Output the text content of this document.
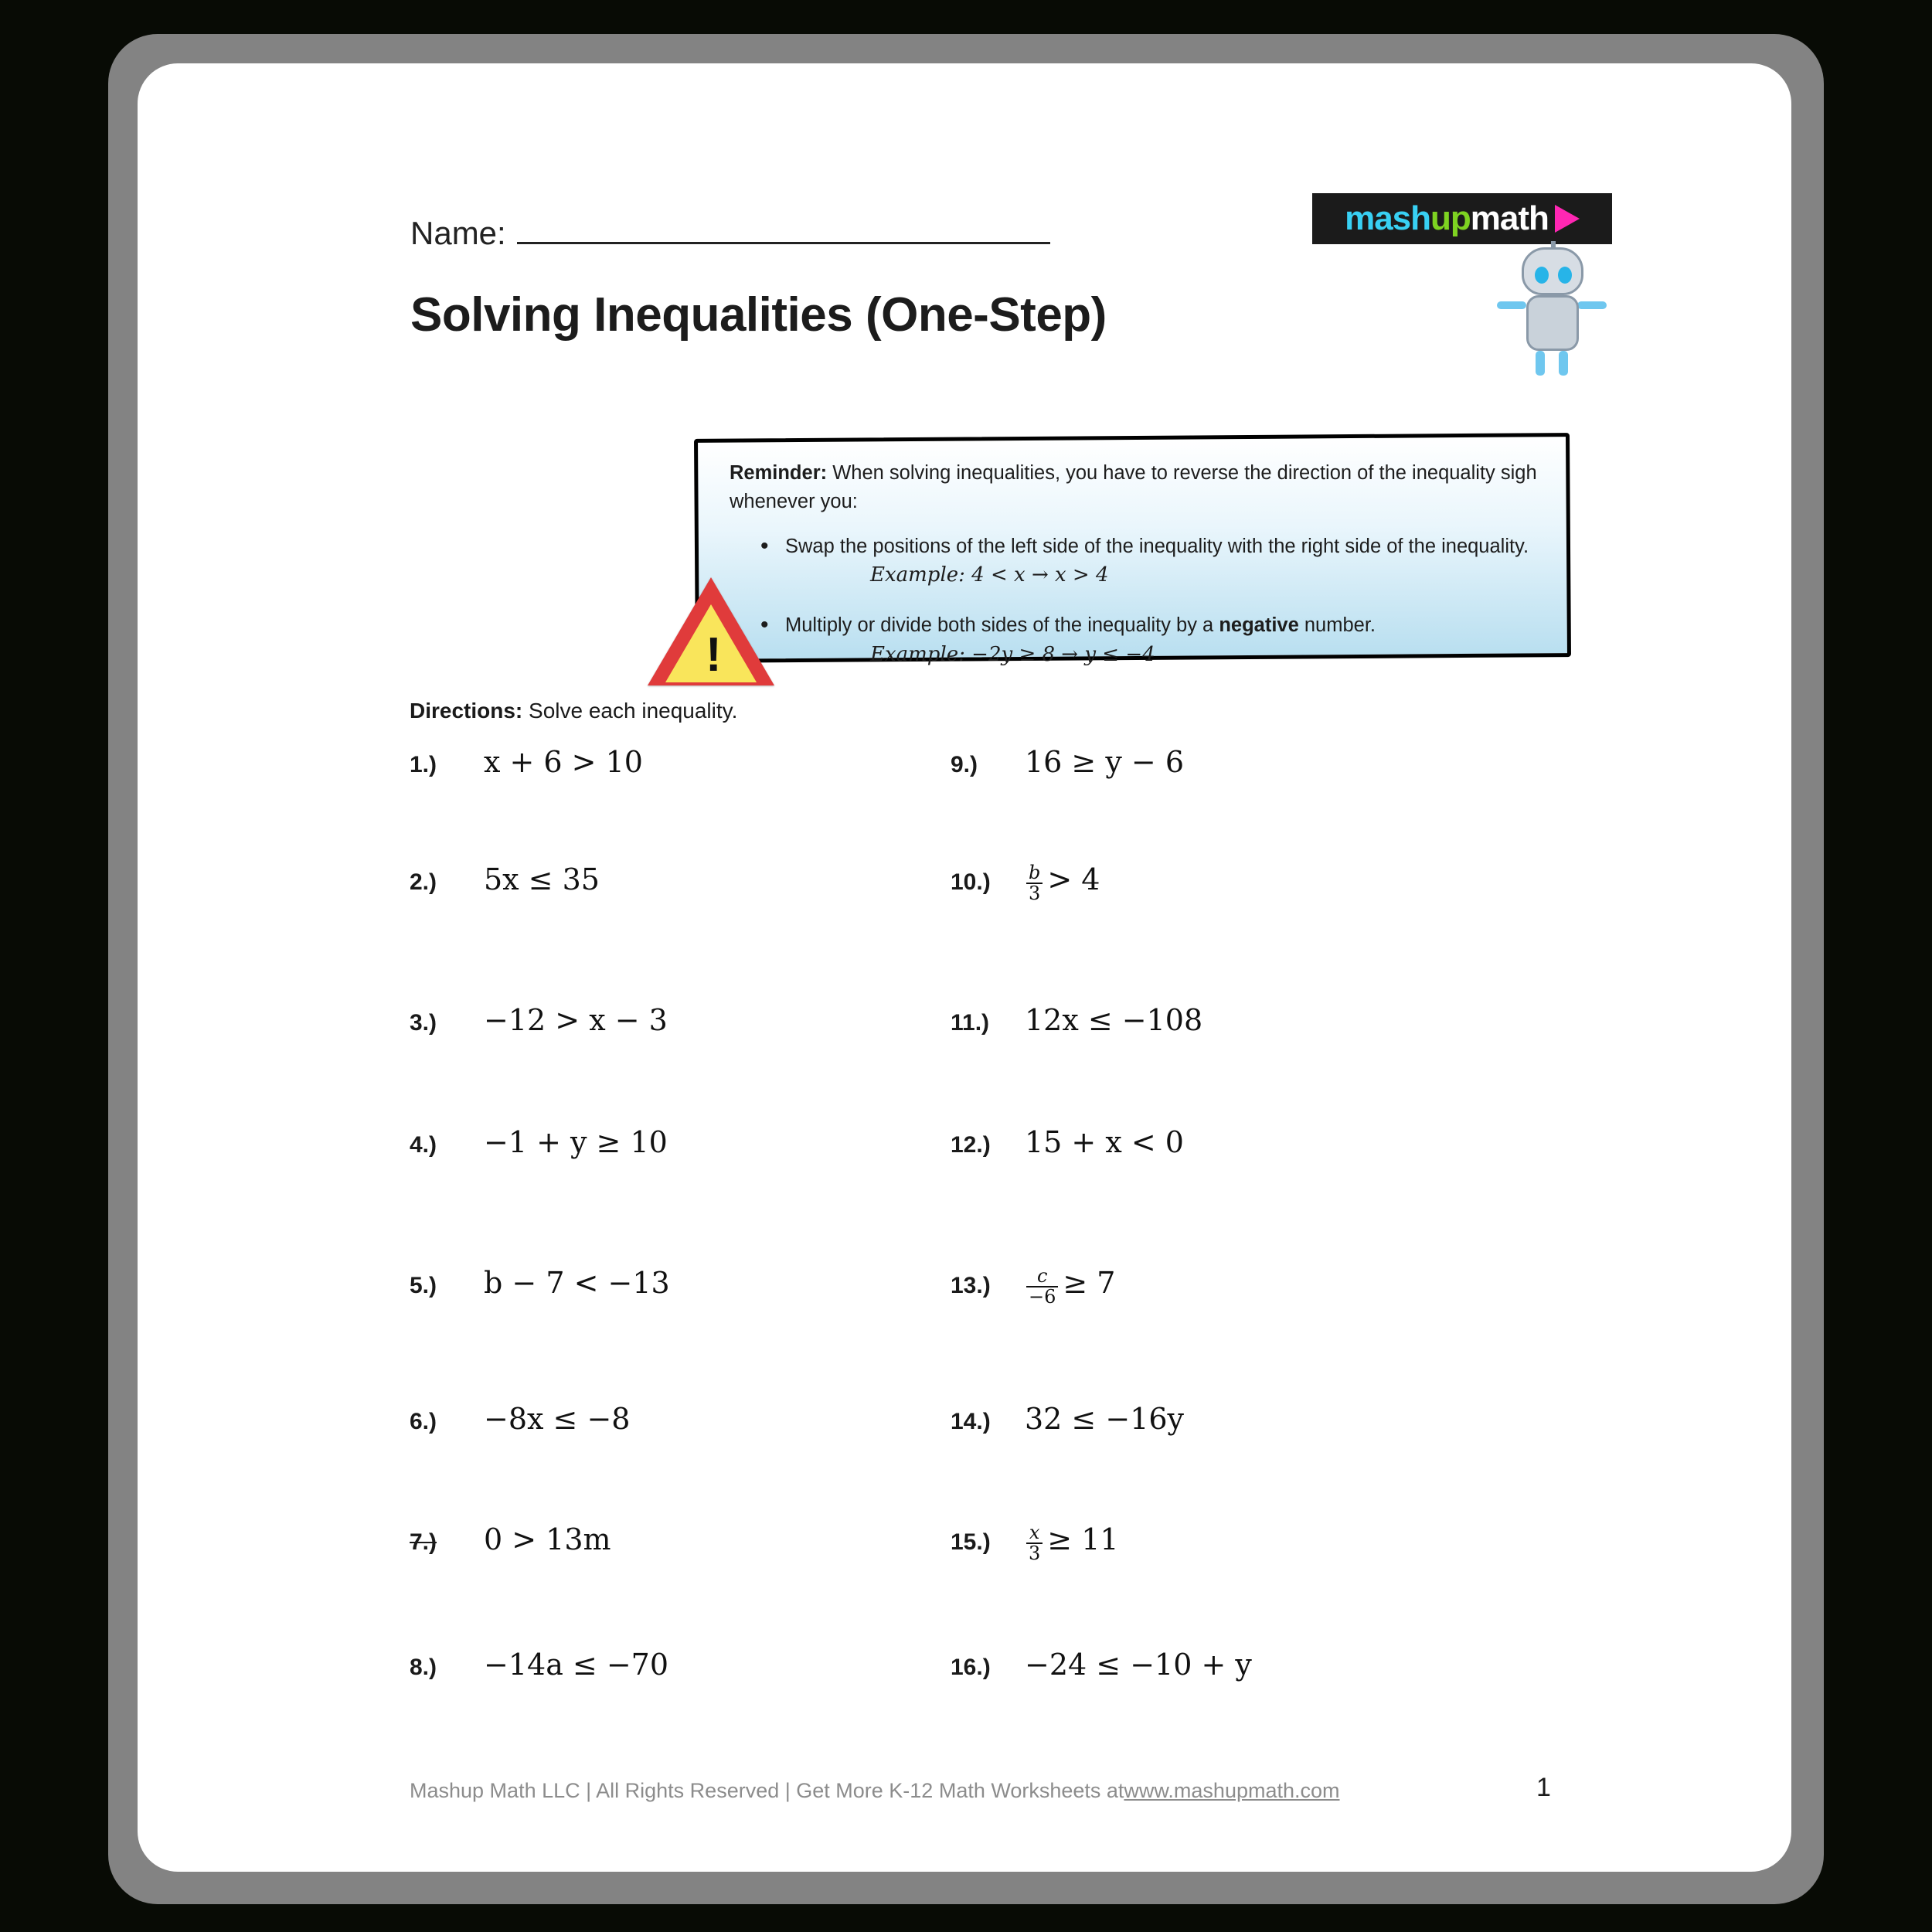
Name:
Solving Inequalities (One-Step)
mash up math
Reminder: When solving inequalities, you have to reverse the direction of the inequality sigh whenever you:
• Swap the positions of the left side of the inequality with the right side of the inequality.
Example: 4 < x → x > 4
• Multiply or divide both sides of the inequality by a negative number.
Example: −2y ≥ 8 → y ≤ −4
!
Directions: Solve each inequality.
1.)	x + 6 > 10
2.)	5x ≤ 35
3.)	−12 > x − 3
4.)	−1 + y ≥ 10
5.)	b − 7 < −13
6.)	−8x ≤ −8
7.)	0 > 13m
8.)	−14a ≤ −70
9.)	16 ≥ y − 6
10.)	$\frac{b}{3} > 4$
11.)	12x ≤ −108
12.)	15 + x < 0
13.)	$\frac{c}{-6} \ge 7$
14.)	32 ≤ −16y
15.)	$\frac{x}{3} \ge 11$
16.)	−24 ≤ −10 + y
Mashup Math LLC | All Rights Reserved | Get More K-12 Math Worksheets at www.mashupmath.com	1
